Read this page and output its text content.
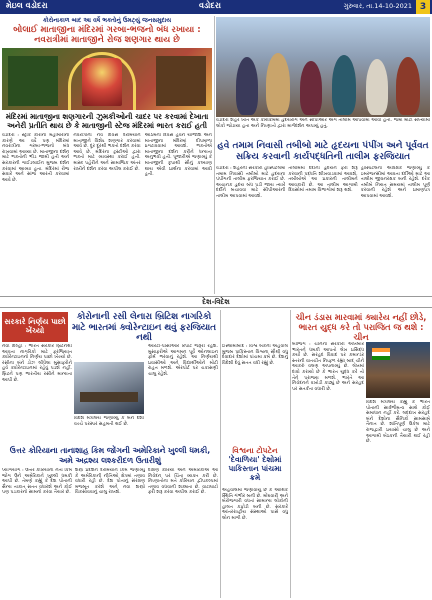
મેઇલ વડોદરા	વડોદરા	ગુરુવાર, તા.14-10-2021 3
કોરોનાકાળ બાદ આ વર્ષે ભક્તોનું ઉમટ્યું જનસમુદાય
બોલાઈ માતાજીના મંદિરમાં ગરબા-ભજનો બંધ રખાયા : નવરાત્રીમાં માતાજીને રોજ શણગાર થાય છે
મંદિરમાં માતાજીના શણગારની ઝુમકીઓની ચાદર પર કરવામાં દેખાતા અનેરી પ્રતીતિ થાય છે કે માતાજીની સ્ટેજ મંદિરમાં ભારત કરાઈ હતી
વડોદરા : સ્ટ્રોક કોરોના મહામારીના કારણે આ વર્ષે પણ મંદિરમાં નવરાત્રીના ગરબા-ભજનો બંધ રાખવામાં આવ્યા છે. માતાજીના દર્શન માટે ભક્તોની ભીડ જામી હતી અને સરકારની ગાઈડલાઈન મુજબ દર્શન કરવામાં આવ્યા હતા. મંદિરમાં રોજ સવારે અને સાંજે આરતી કરવામાં આવે છે.
નવરાત્રીના નવ દિવસ દરમિયાન માતાજીને વિશેષ શણગાર કરવામાં આવે છે. દૂર દૂરથી ભક્તો દર્શન કરવા આવે છે. મંદિરના ટ્રસ્ટીઓ દ્વારા ભક્તો માટે વ્યવસ્થા કરાઈ હતી. માસ્ક પહેરીને અને સામાજિક અંતર રાખીને દર્શન કરવા અપીલ કરાઈ છે.
આઠમના દિવસે હવન યોજાશે અને માતાજીના મંદિરમાં દીપમાળા પ્રગટાવવામાં આવશે. ભક્તોએ માતાજીના દર્શન કરીને ધન્યતા અનુભવી હતી. પૂજારીએ જણાવ્યું કે માતાજીની કૃપાથી સૌનું કલ્યાણ થાય એવી પ્રાર્થના કરવામાં આવી હતી.
વડોદરા શહેર ખાતે એક કાર્યક્રમમાં હૃદયરોગ અને સીપીઆર અંગે તાલીમ આપવામાં આવી હતી. જેમાં મોટી સંખ્યામાં લોકો જોડાયા હતા અને નિષ્ણાતો દ્વારા માર્ગદર્શન અપાયું હતું.
હવે તમામ નિવાસી તબીબો માટે હૃદયના પંપીંગ અને પૂર્વવત સક્રિય કરવાની કાર્યપદ્ધતિની તાલીમ ફરજિયાત
વડોદરા : શહેરની સરકારી હોસ્પિટલમાં તમામ નિવાસી તબીબો માટે હૃદયના પંપીંગની તાલીમ ફરજિયાત કરાઈ છે. અચાનક હૃદય બંધ પડી જાય ત્યારે દર્દીને બચાવવા માટે સીપીઆરની તાલીમ આપવામાં આવશે.
તાલીમમાં દર્દીના હૃદયને ફરી શરૂ કરવાની પદ્ધતિ શીખવાડવામાં આવશે. તબીબોએ આ પ્રકારની તાલીમને આવકારી છે. આ તાલીમ આગામી દિવસોમાં તમામ વિભાગોમાં શરૂ થશે.
હોસ્પિટલના અધિક્ષકે જણાવ્યું કે ઇમરજન્સીમાં આવતા દર્દીઓ માટે આ તાલીમ જીવનરક્ષક બની રહેશે. દરેક તબીબે નિયત સમયમાં તાલીમ પૂર્ણ કરવાની રહેશે અને પ્રમાણપત્ર આપવામાં આવશે.
દેશ-વિદેશ
સરકારે નિર્ણય પાછો ખેંચ્યો
કોરોનાની રસી લેનારા બ્રિટિશ નાગરિકો માટે ભારતમાં ક્વોરેન્ટાઇન થવું ફરજિયાત નથી
નવી દિલ્હી : ભારત સરકારે બ્રિટનથી આવતા નાગરિકો માટે ફરજિયાત ક્વોરેન્ટાઇનનો નિર્ણય પાછો ખેંચ્યો છે. રસીના બંને ડોઝ લીધેલા મુસાફરોને હવે ક્વોરેન્ટાઇનમાં રહેવું પડશે નહીં. બ્રિટને પણ ભારતીય રસીને માન્યતા આપી છે.
વિદેશ મંત્રાલયે જણાવ્યું કે બંને દેશો વચ્ચે પરસ્પર સહમતી થઈ છે.
આરટી-પીસીઆર રિપોર્ટ જરૂરી રહેશે. મુસાફરોએ આગમન પૂર્વે ઓનલાઇન ફોર્મ ભરવાનું રહેશે. આ નિર્ણયથી પ્રવાસીઓ અને વિદ્યાર્થીઓને મોટી રાહત મળશે. એરપોર્ટ પર ચકાસણી ચાલુ રહેશે.
ઉત્તર કોરિયાના તાનાશાહ કિમ જોંગની અમેરિકાને ખુલ્લી ધમકી, અમે અદ્રશ્ય લશ્કરીદળ ઉતારીશું
પ્યોંગયાંગ : ઉત્તર કોરિયાના નેતા કિમ જોંગ ઉને અમેરિકાને ખુલ્લી ધમકી આપી છે. તેમણે કહ્યું કે દેશ પોતાની સૈન્ય તાકાત સતત વધારશે અને કોઈ પણ પડકારનો સામનો કરવા તૈયાર છે.
શસ્ત્ર પ્રદર્શન દરમિયાન કિમે જણાવ્યું કે અમેરિકાની નીતિઓ ક્ષેત્રમાં તણાવ વધારી રહી છે. દેશ પોતાનું સંરક્ષણ મજબૂત કરશે અને નવા શસ્ત્રો વિકસાવવાનું ચાલુ રાખશે.
દક્ષિણ કોરિયા અને અમેરિકાએ આ નિવેદન પર ચિંતા વ્યક્ત કરી છે. નિષ્ણાતોના મતે કોરિયન દ્વીપકલ્પમાં તણાવ વધવાની શક્યતા છે. વાટાઘાટો ફરી શરૂ કરવા અપીલ કરાઈ છે.
ઈસ્લામાબાદ : વિશ્વ બેંકના અહેવાલ મુજબ પાકિસ્તાન વિશ્વના સૌથી વધુ દેવાદાર દેશોમાં પાંચમા ક્રમે છે. દેશનું વિદેશી દેવું સતત વધી રહ્યું છે.
વિશ્વના ટોપટેન
'દેવાળિયા' દેશોમાં પાકિસ્તાન પાંચમા ક્રમે
અહેવાલમાં જણાવાયું છે કે આર્થિક સ્થિતિ ગંભીર બની છે. મોંઘવારી અને બેરોજગારી વધતાં સામાન્ય લોકોની હાલત કફોડી બની છે. સરકારે આંતરરાષ્ટ્રીય સંસ્થાઓ પાસે વધુ લોન માગી છે.
ચીન ડંડાસ મારવામાં ક્યારેય નહીં છોડે, ભારત યુદ્ધ કરે તો પરાજિત જ થશે : ચીન
બીજિંગ : ચીનના સરકારી અખબારે ભારતને ધમકી આપતો લેખ પ્રસિદ્ધ કર્યો છે. સરહદ વિવાદ પર કમાન્ડર સ્તરની વાતચીત નિષ્ફળ રહ્યા બાદ ચીને આકરું વલણ અપનાવ્યું છે. લેખમાં દાવો કરાયો છે કે ભારત યુદ્ધ કરે તો તેને પરાજય મળશે. ભારતે આ નિવેદનને વખોડી કાઢ્યું છે અને સરહદ પર સતર્કતા વધારી છે.
વિદેશ મંત્રાલયે કહ્યું કે ભારત પોતાની સાર્વભૌમત્વ સાથે કોઈ સમાધાન નહીં કરે. લદ્દાખ સરહદે બંને દેશોના સૈનિકો સામસામે તૈનાત છે. શાંતિપૂર્ણ ઉકેલ માટે રાજદ્વારી પ્રયાસો ચાલુ છે અને આગામી બેઠકની તૈયારી થઈ રહી છે.
